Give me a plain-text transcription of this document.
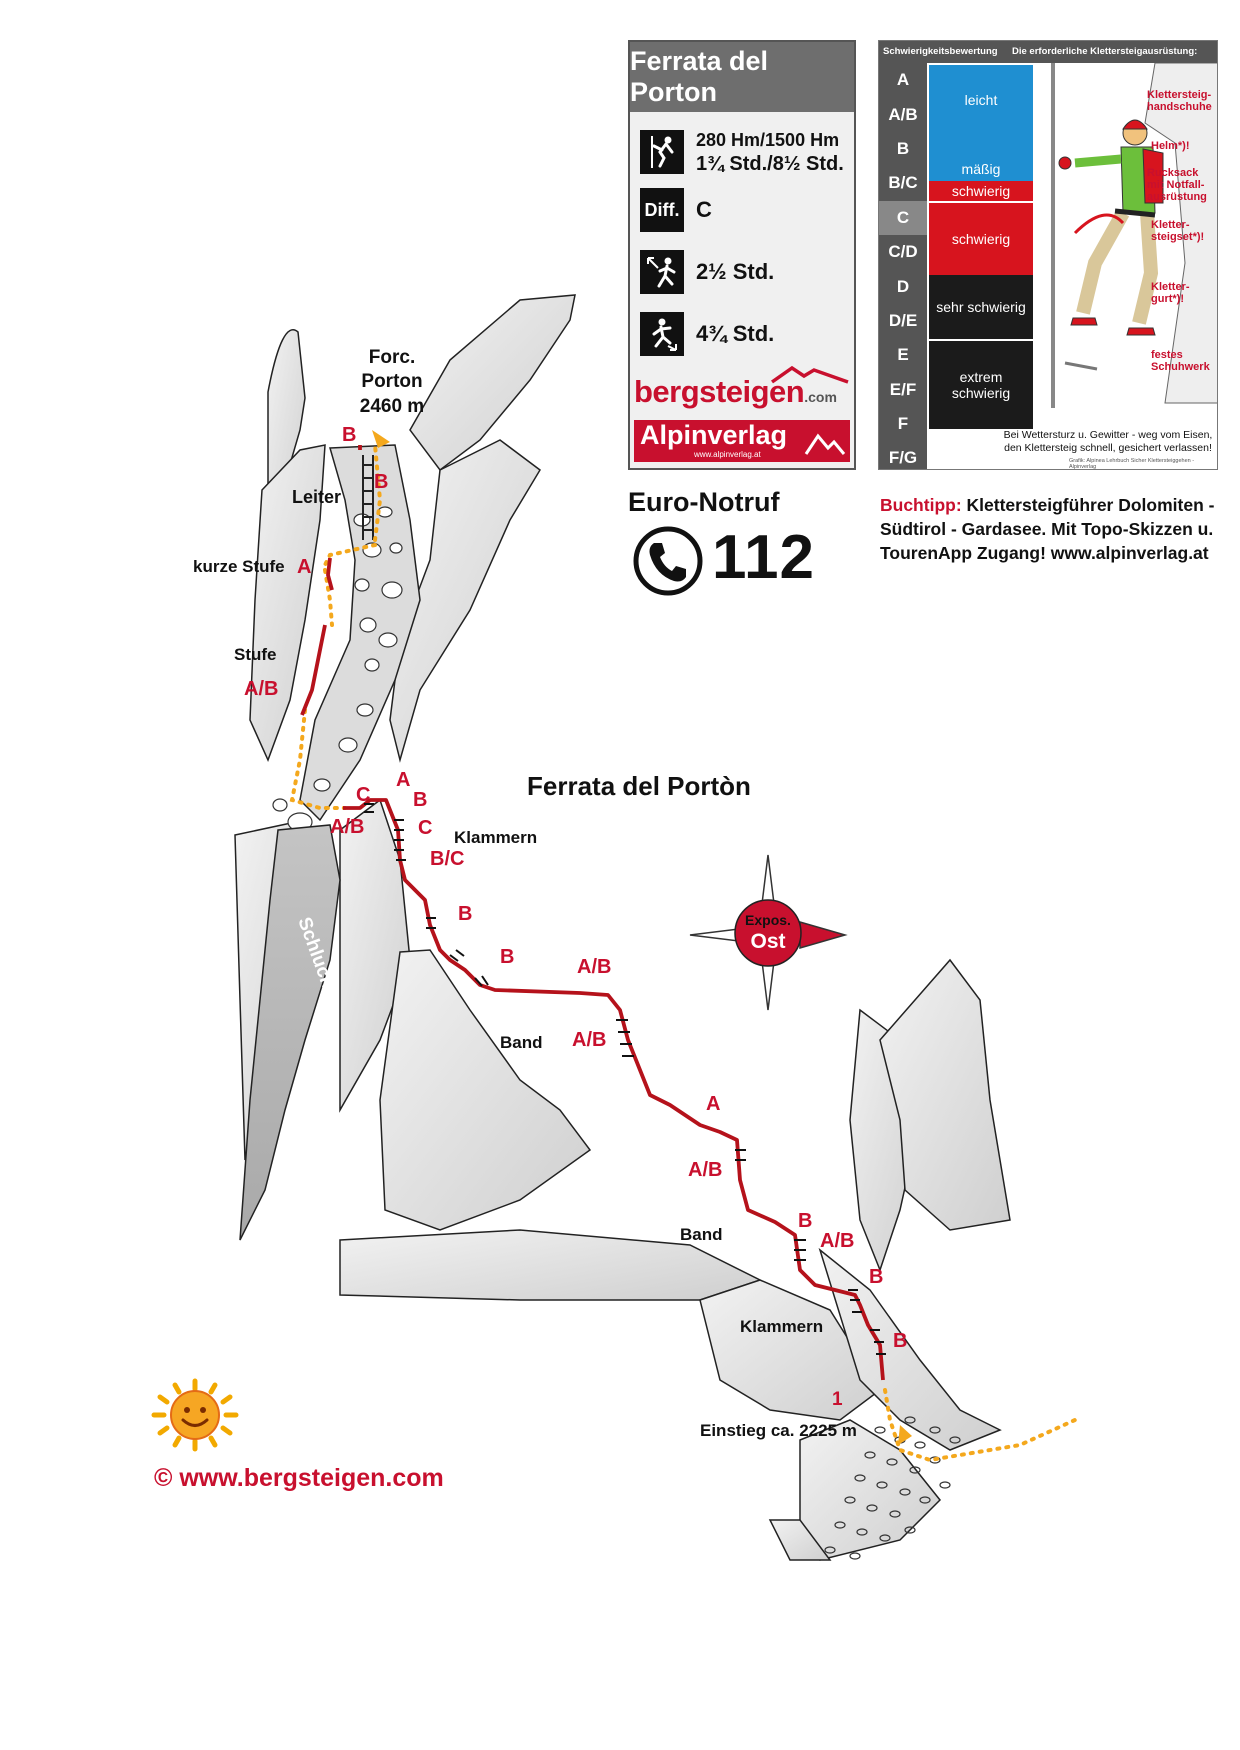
Schlucht
Forc.
Porton
2460 m
Leiter
kurze Stufe
Stufe
Ferrata del Portòn
Klammern
Band
Band
Klammern
Einstieg ca. 2225 m
1
B
B
A
A/B
C
A/B
A
B
C
B/C
B
B	A/B
A/B
A
A/B
B
A/B
B
B
Expos.
Ost
Ferrata del Porton
280 Hm/1500 Hm
1¾ Std./8½ Std.
Diff. C
2½ Std.
4¾ Std.
bergsteigen.com
Alpinverlag
www.alpinverlag.at
Schwierigkeitsbewertung Die erforderliche Klettersteigausrüstung:
A
A/B
B
B/C
C
C/D
D
D/E
E
E/F
F
F/G
leicht
mäßig
schwierig
schwierig
sehr schwierig
extrem schwierig
Klettersteig-handschuhe
Helm*)!
Rucksack mit Notfall-ausrüstung
Kletter-steigset*)!
Kletter-gurt*)!
festes Schuhwerk
Bei Wettersturz u. Gewitter - weg vom Eisen, den Klettersteig schnell, gesichert verlassen!
Grafik: Alpinea Lehrbuch Sicher Klettersteiggehen - Alpinverlag
Euro-Notruf
112
Buchtipp: Klettersteigführer Dolomiten - Südtirol - Gardasee. Mit Topo-Skizzen u. TourenApp Zugang! www.alpinverlag.at
© www.bergsteigen.com
